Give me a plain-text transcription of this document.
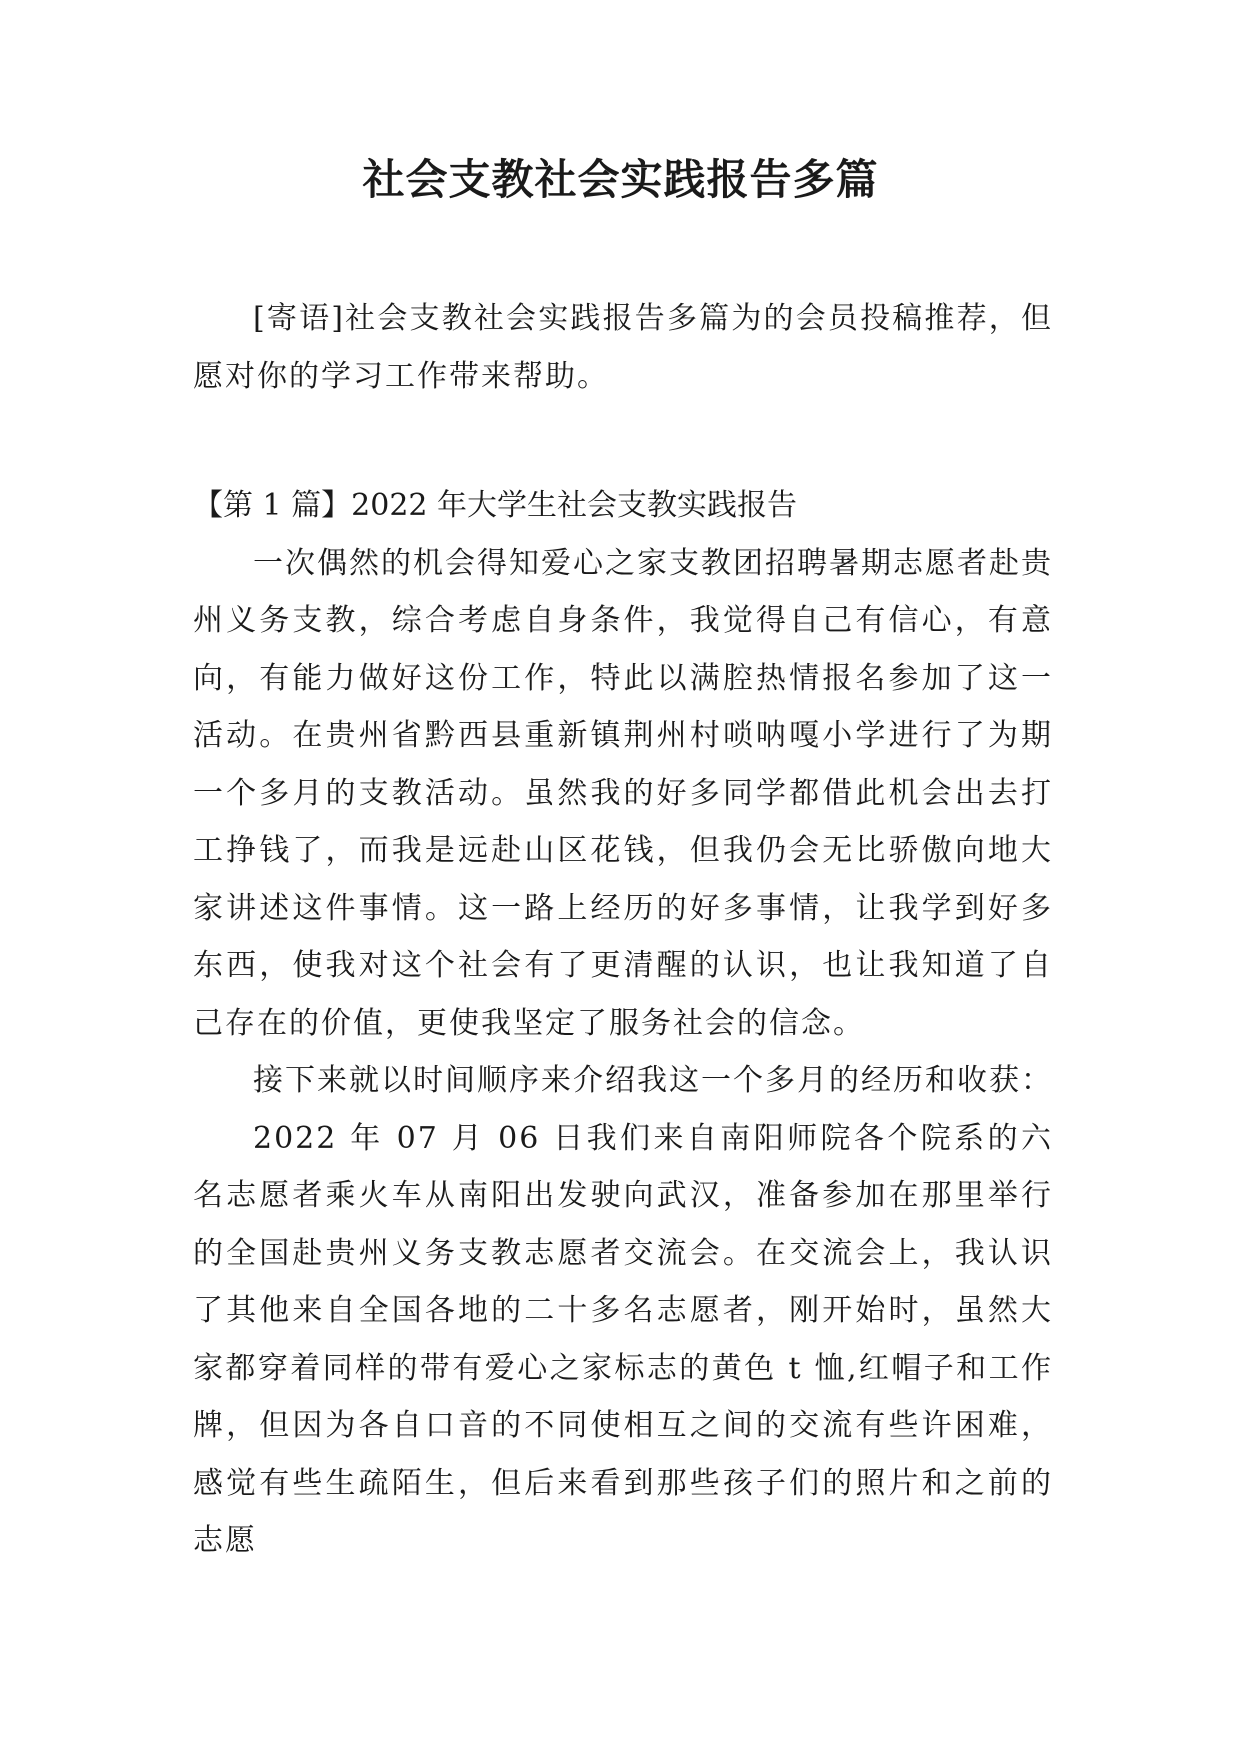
社会支教社会实践报告多篇

[寄语]社会支教社会实践报告多篇为的会员投稿推荐，但愿对你的学习工作带来帮助。

【第 1 篇】2022 年大学生社会支教实践报告

一次偶然的机会得知爱心之家支教团招聘暑期志愿者赴贵州义务支教，综合考虑自身条件，我觉得自己有信心，有意向，有能力做好这份工作，特此以满腔热情报名参加了这一活动。在贵州省黔西县重新镇荆州村唢呐嘎小学进行了为期一个多月的支教活动。虽然我的好多同学都借此机会出去打工挣钱了，而我是远赴山区花钱，但我仍会无比骄傲向地大家讲述这件事情。这一路上经历的好多事情，让我学到好多东西，使我对这个社会有了更清醒的认识，也让我知道了自己存在的价值，更使我坚定了服务社会的信念。

接下来就以时间顺序来介绍我这一个多月的经历和收获：

2022 年 07 月 06 日我们来自南阳师院各个院系的六名志愿者乘火车从南阳出发驶向武汉，准备参加在那里举行的全国赴贵州义务支教志愿者交流会。在交流会上，我认识了其他来自全国各地的二十多名志愿者，刚开始时，虽然大家都穿着同样的带有爱心之家标志的黄色 t 恤,红帽子和工作牌，但因为各自口音的不同使相互之间的交流有些许困难，感觉有些生疏陌生，但后来看到那些孩子们的照片和之前的志愿
